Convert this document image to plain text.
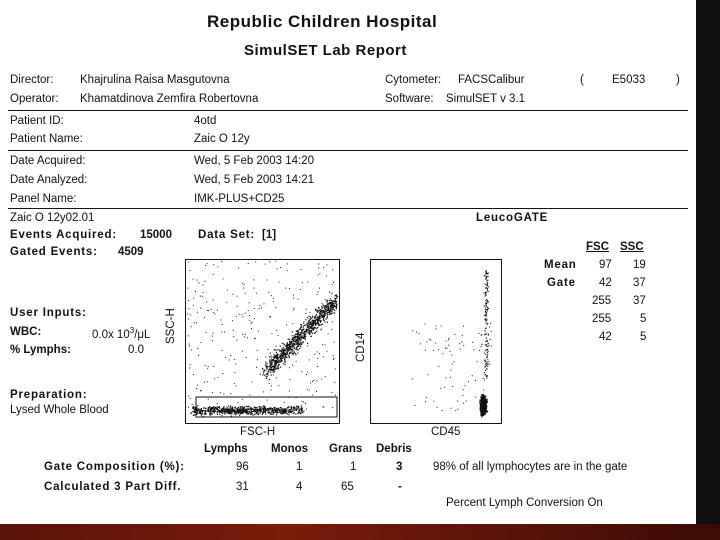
Republic Children Hospital
SimulSET Lab Report
Director: Khajrulina Raisa Masgutovna
Operator: Khamatdinova Zemfira Robertovna
Cytometer: FACSCalibur	( E5033	)
Software: SimulSET v 3.1
Patient ID:	4otd
Patient Name:	Zaic O 12y
Date Acquired:	Wed, 5 Feb 2003 14:20
Date Analyzed:	Wed, 5 Feb 2003 14:21
Panel Name:	IMK-PLUS+CD25
Zaic O 12y02.01
Events Acquired: 15000 Data Set: [1]
Gated Events: 4509
LeucoGATE
FSC SSC
Mean 97 19
Gate 42 37
255 37
255	5
42 5
User Inputs:
WBC:	0.0x $10^3/\mu L$
% Lymphs:	0.0
Preparation:
Lysed Whole Blood
SSC-H
FSC-H
CD14
CD45
Lymphs Monos Grans Debris
Gate Composition (%):	96	1	1	3	98% of all lymphocytes are in the gate
Calculated 3 Part Diff.	31	4	65	-
Percent Lymph Conversion On
